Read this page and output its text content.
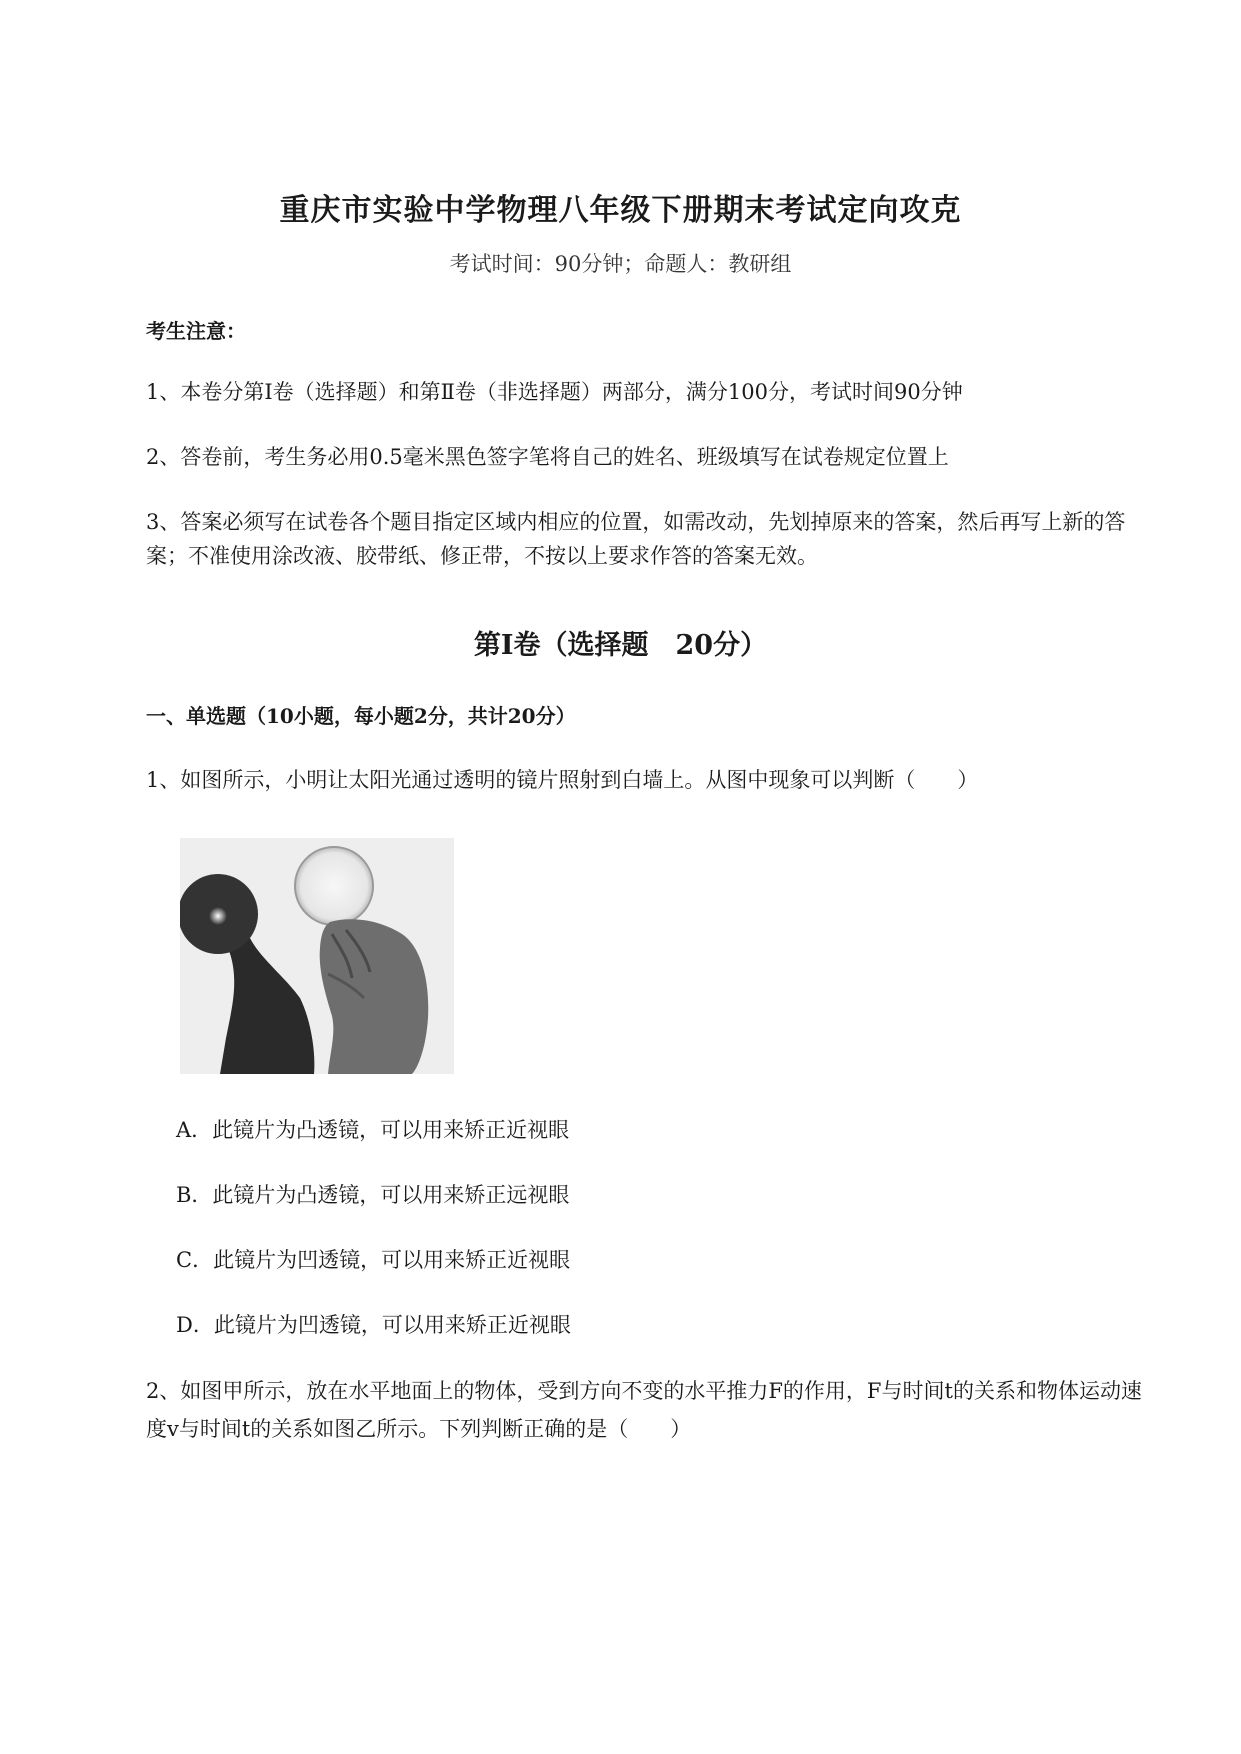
重庆市实验中学物理八年级下册期末考试定向攻克
考试时间：90分钟；命题人：教研组
考生注意：
1、本卷分第Ⅰ卷（选择题）和第Ⅱ卷（非选择题）两部分，满分100分，考试时间90分钟
2、答卷前，考生务必用0.5毫米黑色签字笔将自己的姓名、班级填写在试卷规定位置上
3、答案必须写在试卷各个题目指定区域内相应的位置，如需改动，先划掉原来的答案，然后再写上新的答案；不准使用涂改液、胶带纸、修正带，不按以上要求作答的答案无效。
第Ⅰ卷（选择题　20分）
一、单选题（10小题，每小题2分，共计20分）
1、如图所示，小明让太阳光通过透明的镜片照射到白墙上。从图中现象可以判断（　　）
A．此镜片为凸透镜，可以用来矫正近视眼
B．此镜片为凸透镜，可以用来矫正远视眼
C．此镜片为凹透镜，可以用来矫正近视眼
D．此镜片为凹透镜，可以用来矫正近视眼
2、如图甲所示，放在水平地面上的物体，受到方向不变的水平推力F的作用，F与时间t的关系和物体运动速度v与时间t的关系如图乙所示。下列判断正确的是（　　）
